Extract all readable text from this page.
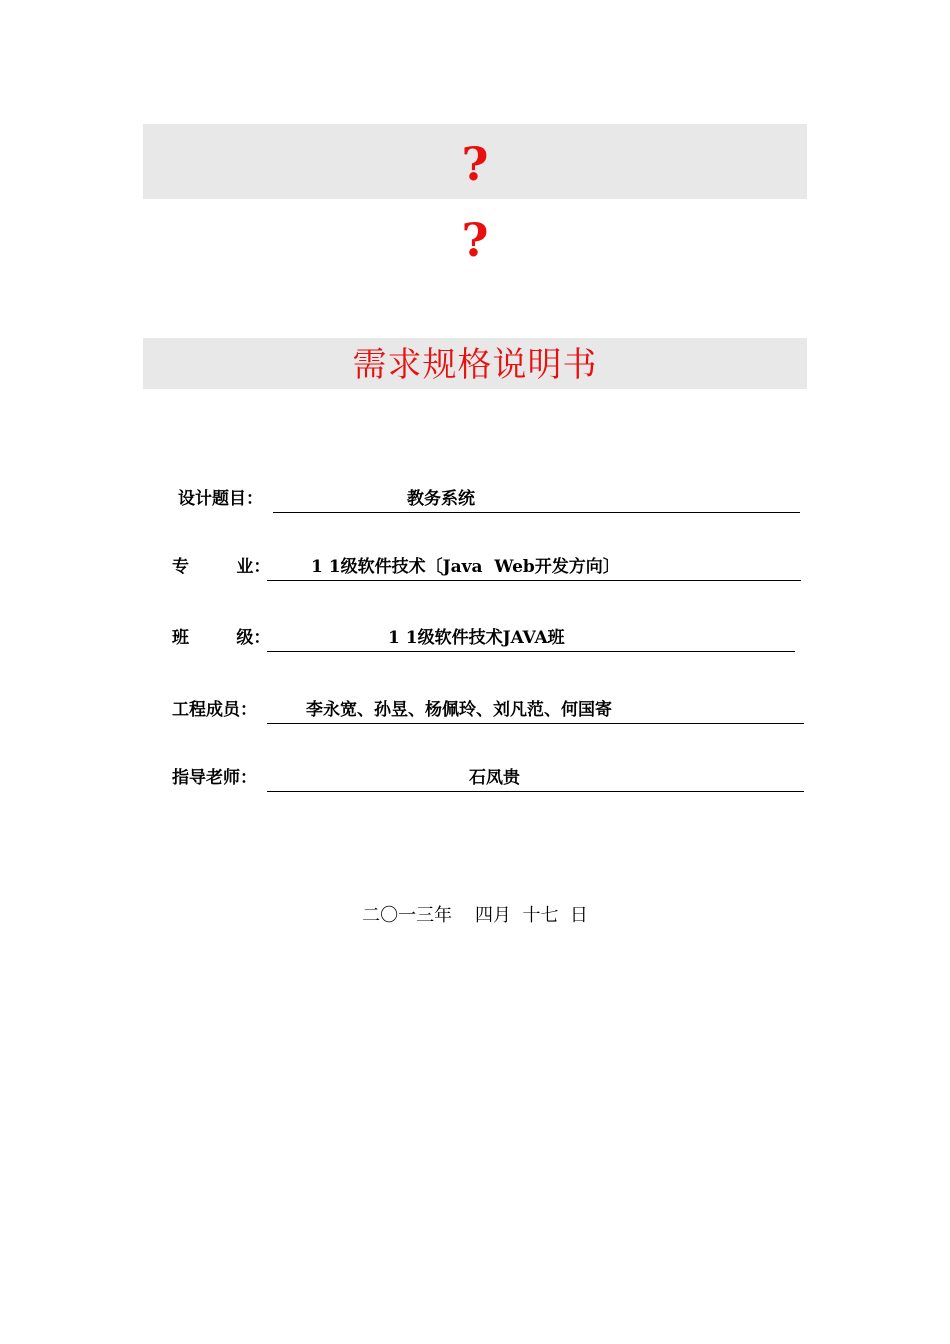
?
?
需求规格说明书
设计题目：	教务系统
专        业： 1 1级软件技术〔Java  Web开发方向〕
班        级：	1 1级软件技术JAVA班
工程成员：	李永宽、孙昱、杨佩玲、刘凡范、何国寄
指导老师：	石凤贵
二〇一三年    四月  十七  日
